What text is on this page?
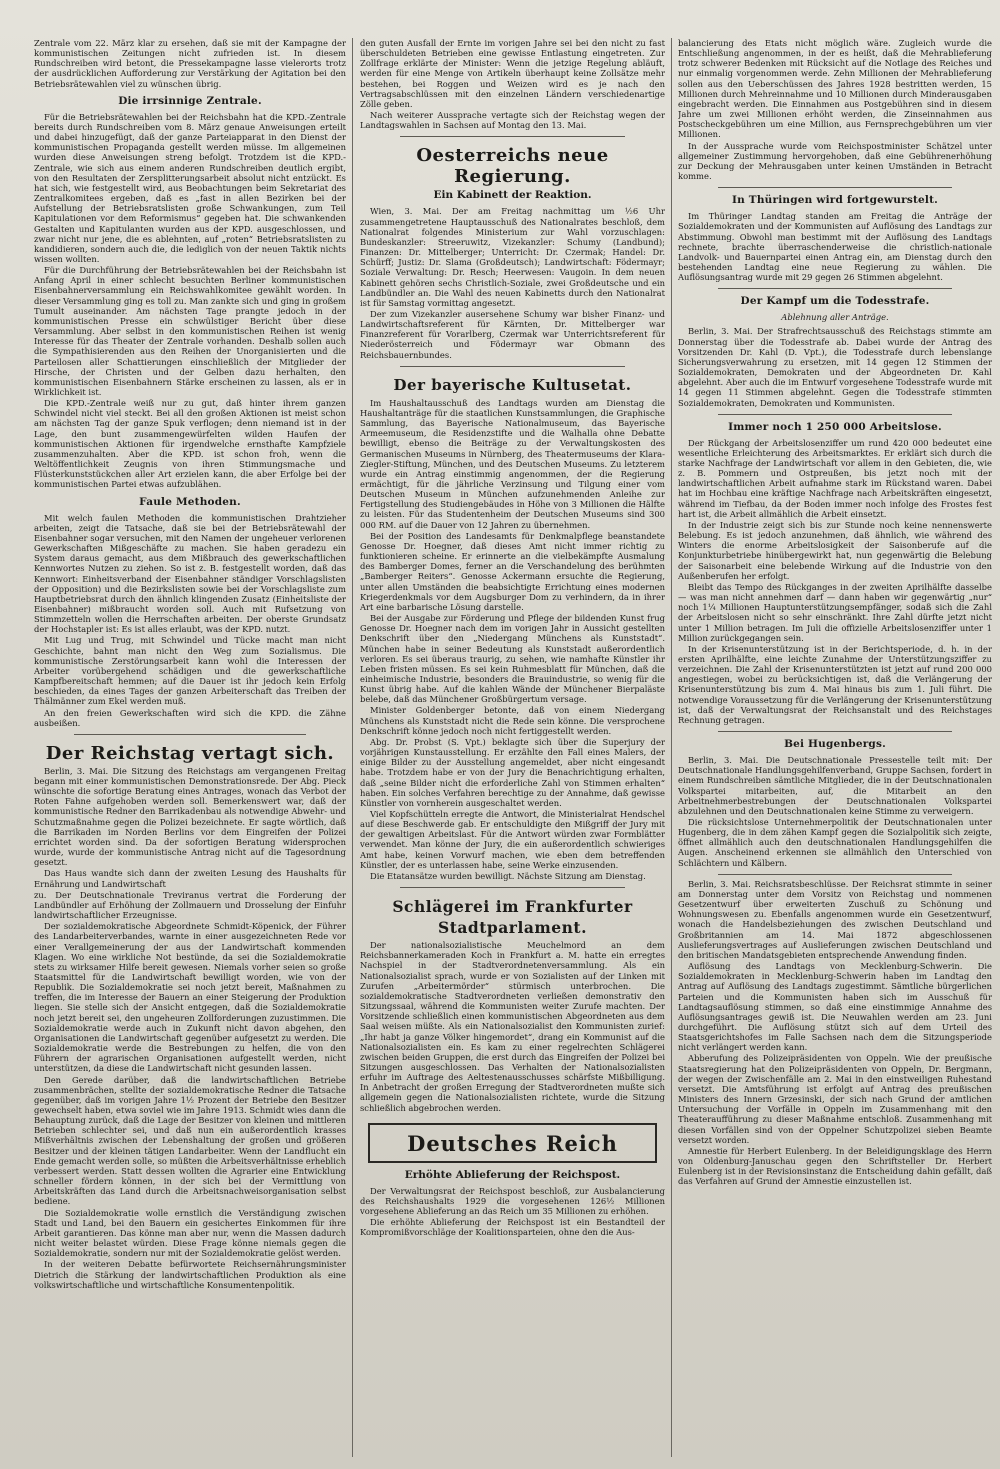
Zentrale vom 22. März klar zu ersehen, daß sie mit der Kampagne der kommunistischen Zeitungen nicht zufrieden ist. In diesem Rundschreiben wird betont, die Pressekampagne lasse vielerorts trotz der ausdrücklichen Aufforderung zur Verstärkung der Agitation bei den Betriebsrätewahlen viel zu wünschen übrig.

Die irrsinnige Zentrale.

Für die Betriebsrätewahlen bei der Reichsbahn hat die KPD.-Zentrale bereits durch Rundschreiben vom 8. März genaue Anweisungen erteilt und dabei hinzugefügt, daß der ganze Parteiapparat in den Dienst der kommunistischen Propaganda gestellt werden müsse. Im allgemeinen wurden diese Anweisungen streng befolgt. Trotzdem ist die KPD.-Zentrale, wie sich aus einem anderen Rundschreiben deutlich ergibt, von den Resultaten der Zersplitterungsarbeit absolut nicht entzückt. Es hat sich, wie festgestellt wird, aus Beobachtungen beim Sekretariat des Zentralkomitees ergeben, daß es „fast in allen Bezirken bei der Aufstellung der Betriebsratslisten große Schwankungen, zum Teil Kapitulationen vor dem Reformismus“ gegeben hat. Die schwankenden Gestalten und Kapitulanten wurden aus der KPD. ausgeschlossen, und zwar nicht nur jene, die es ablehnten, auf „roten“ Betriebsratslisten zu kandidieren, sondern auch die, die lediglich von der neuen Taktik nichts wissen wollten.

Für die Durchführung der Betriebsrätewahlen bei der Reichsbahn ist Anfang April in einer schlecht besuchten Berliner kommunistischen Eisenbahnerversammlung ein Reichswahlkomitee gewählt worden. In dieser Versammlung ging es toll zu. Man zankte sich und ging in großem Tumult auseinander. Am nächsten Tage prangte jedoch in der kommunistischen Presse ein schwülstiger Bericht über diese Versammlung. Aber selbst in den kommunistischen Reihen ist wenig Interesse für das Theater der Zentrale vorhanden. Deshalb sollen auch die Sympathisierenden aus den Reihen der Unorganisierten und die Parteilosen aller Schattierungen einschließlich der Mitglieder der Hirsche, der Christen und der Gelben dazu herhalten, den kommunistischen Eisenbahnern Stärke erscheinen zu lassen, als er in Wirklichkeit ist.

Die KPD.-Zentrale weiß nur zu gut, daß hinter ihrem ganzen Schwindel nicht viel steckt. Bei all den großen Aktionen ist meist schon am nächsten Tag der ganze Spuk verflogen; denn niemand ist in der Lage, den bunt zusammengewürfelten wilden Haufen der kommunistischen Aktionen für irgendwelche ernsthafte Kampfziele zusammenzuhalten. Aber die KPD. ist schon froh, wenn die Weltöffentlichkeit Zeugnis von ihren Stimmungsmache und Flüsterkunststückchen aller Art erzielen kann, die aber Erfolge bei der kommunistischen Partei etwas aufzublähen.

Faule Methoden.

Mit welch faulen Methoden die kommunistischen Drahtzieher arbeiten, zeigt die Tatsache, daß sie bei der Betriebsrätewahl der Eisenbahner sogar versuchen, mit den Namen der ungeheuer verlorenen Gewerkschaften Mißgeschäfte zu machen. Sie haben geradezu ein System daraus gemacht, aus dem Mißbrauch des gewerkschaftlichen Kennwortes Nutzen zu ziehen. So ist z. B. festgestellt worden, daß das Kennwort: Einheitsverband der Eisenbahner ständiger Vorschlagslisten der Opposition) und die Bezirkslisten sowie bei der Vorschlagsliste zum Hauptbetriebsrat durch den ähnlich klingenden Zusatz (Einheitsliste der Eisenbahner) mißbraucht worden soll. Auch mit Rufsetzung von Stimmzetteln wollen die Herrschaften arbeiten. Der oberste Grundsatz der Hochstapler ist: Es ist alles erlaubt, was der KPD. nutzt.

Mit Lug und Trug, mit Schwindel und Tücke macht man nicht Geschichte, bahnt man nicht den Weg zum Sozialismus. Die kommunistische Zerstörungsarbeit kann wohl die Interessen der Arbeiter vorübergehend schädigen und die gewerkschaftliche Kampfbereitschaft hemmen; auf die Dauer ist ihr jedoch kein Erfolg beschieden, da eines Tages der ganzen Arbeiterschaft das Treiben der Thälmänner zum Ekel werden muß.

An den freien Gewerkschaften wird sich die KPD. die Zähne ausbeißen.

Der Reichstag vertagt sich.

Berlin, 3. Mai. Die Sitzung des Reichstags am vergangenen Freitag begann mit einer kommunistischen Demonstrationsrede. Der Abg. Pieck wünschte die sofortige Beratung eines Antrages, wonach das Verbot der Roten Fahne aufgehoben werden soll. Bemerkenswert war, daß der kommunistische Redner den Barrikadenbau als notwendige Abwehr- und Schutzmaßnahme gegen die Polizei bezeichnete. Er sagte wörtlich, daß die Barrikaden im Norden Berlins vor dem Eingreifen der Polizei errichtet worden sind. Da der sofortigen Beratung widersprochen wurde, wurde der kommunistische Antrag nicht auf die Tagesordnung gesetzt.

Das Haus wandte sich dann der zweiten Lesung des Haushalts für Ernährung und Landwirtschaft

zu. Der Deutschnationale Treviranus vertrat die Forderung der Landbündler auf Erhöhung der Zollmauern und Drosselung der Einfuhr landwirtschaftlicher Erzeugnisse.

Der sozialdemokratische Abgeordnete Schmidt-Köpenick, der Führer des Landarbeiterverbandes, warnte in einer ausgezeichneten Rede vor einer Verallgemeinerung der aus der Landwirtschaft kommenden Klagen. Wo eine wirkliche Not bestünde, da sei die Sozialdemokratie stets zu wirksamer Hilfe bereit gewesen. Niemals vorher seien so große Staatsmittel für die Landwirtschaft bewilligt worden, wie von der Republik. Die Sozialdemokratie sei noch jetzt bereit, Maßnahmen zu treffen, die im Interesse der Bauern an einer Steigerung der Produktion liegen. Sie stelle sich der Ansicht entgegen, daß die Sozialdemokratie noch jetzt bereit sei, den ungeheuren Zollforderungen zuzustimmen. Die Sozialdemokratie werde auch in Zukunft nicht davon abgehen, den Organisationen die Landwirtschaft gegenüber aufgesetzt zu werden. Die Sozialdemokratie werde die Bestrebungen zu helfen, die von den Führern der agrarischen Organisationen aufgestellt werden, nicht unterstützen, da diese die Landwirtschaft nicht gesunden lassen.

Den Gerede darüber, daß die landwirtschaftlichen Betriebe zusammenbrächen, stellte der sozialdemokratische Redner die Tatsache gegenüber, daß im vorigen Jahre 1½ Prozent der Betriebe den Besitzer gewechselt haben, etwa soviel wie im Jahre 1913. Schmidt wies dann die Behauptung zurück, daß die Lage der Besitzer von kleinen und mittleren Betrieben schlechter sei, und daß nun ein außerordentlich krasses Mißverhältnis zwischen der Lebenshaltung der großen und größeren Besitzer und der kleinen tätigen Landarbeiter. Wenn der Landflucht ein Ende gemacht werden solle, so müßten die Arbeitsverhältnisse erheblich verbessert werden. Statt dessen wollten die Agrarier eine Entwicklung schneller fördern können, in der sich bei der Vermittlung von Arbeitskräften das Land durch die Arbeitsnachweisorganisation selbst bediene.

Die Sozialdemokratie wolle ernstlich die Verständigung zwischen Stadt und Land, bei den Bauern ein gesichertes Einkommen für ihre Arbeit garantieren. Das könne man aber nur, wenn die Massen dadurch nicht weiter belastet würden. Diese Frage könne niemals gegen die Sozialdemokratie, sondern nur mit der Sozialdemokratie gelöst werden.

In der weiteren Debatte befürwortete Reichsernährungsminister Dietrich die Stärkung der landwirtschaftlichen Produktion als eine volkswirtschaftliche und wirtschaftliche Konsumentenpolitik.

den guten Ausfall der Ernte im vorigen Jahre sei bei den nicht zu fast überschuldeten Betrieben eine gewisse Entlastung eingetreten. Zur Zollfrage erklärte der Minister: Wenn die jetzige Regelung abläuft, werden für eine Menge von Artikeln überhaupt keine Zollsätze mehr bestehen, bei Roggen und Weizen wird es je nach den Vertragsabschlüssen mit den einzelnen Ländern verschiedenartige Zölle geben.

Nach weiterer Aussprache vertagte sich der Reichstag wegen der Landtagswahlen in Sachsen auf Montag den 13. Mai.

Oesterreichs neue Regierung.
Ein Kabinett der Reaktion.

Wien, 3. Mai. Der am Freitag nachmittag um ½6 Uhr zusammengetretene Hauptausschuß des Nationalrates beschloß, dem Nationalrat folgendes Ministerium zur Wahl vorzuschlagen: Bundeskanzler: Streeruwitz, Vizekanzler: Schumy (Landbund); Finanzen: Dr. Mittelberger; Unterricht: Dr. Czermak; Handel: Dr. Schürff; Justiz: Dr. Slama (Großdeutsch); Landwirtschaft: Födermayr; Soziale Verwaltung: Dr. Resch; Heerwesen: Vaugoin. In dem neuen Kabinett gehören sechs Christlich-Soziale, zwei Großdeutsche und ein Landbündler an. Die Wahl des neuen Kabinetts durch den Nationalrat ist für Samstag vormittag angesetzt.

Der zum Vizekanzler ausersehene Schumy war bisher Finanz- und Landwirtschaftsreferent für Kärnten, Dr. Mittelberger war Finanzreferent für Vorarlberg, Czermak war Unterrichtsreferent für Niederösterreich und Födermayr war Obmann des Reichsbauernbundes.

Der bayerische Kultusetat.

Im Haushaltausschuß des Landtags wurden am Dienstag die Haushaltanträge für die staatlichen Kunstsammlungen, die Graphische Sammlung, das Bayerische Nationalmuseum, das Bayerische Armeemuseum, die Residenzstifte und die Walhalla ohne Debatte bewilligt, ebenso die Beiträge zu der Verwaltungskosten des Germanischen Museums in Nürnberg, des Theatermuseums der Klara-Ziegler-Stiftung, München, und des Deutschen Museums. Zu letzterem wurde ein Antrag einstimmig angenommen, der die Regierung ermächtigt, für die jährliche Verzinsung und Tilgung einer vom Deutschen Museum in München aufzunehmenden Anleihe zur Fertigstellung des Studiengebäudes in Höhe von 3 Millionen die Hälfte zu leisten. Für das Studentenheim der Deutschen Museums sind 300 000 RM. auf die Dauer von 12 Jahren zu übernehmen.

Bei der Position des Landesamts für Denkmalpflege beanstandete Genosse Dr. Hoegner, daß dieses Amt nicht immer richtig zu funktionieren scheine. Er erinnerte an die vielbekämpfte Ausmalung des Bamberger Domes, ferner an die Verschandelung des berühmten „Bamberger Reiters“. Genosse Ackermann ersuchte die Regierung, unter allen Umständen die beabsichtigte Errichtung eines modernen Kriegerdenkmals vor dem Augsburger Dom zu verhindern, da in ihrer Art eine barbarische Lösung darstelle.

Bei der Ausgabe zur Förderung und Pflege der bildenden Kunst frug Genosse Dr. Hoegner nach dem im vorigen Jahr in Aussicht gestellten Denkschrift über den „Niedergang Münchens als Kunststadt“. München habe in seiner Bedeutung als Kunststadt außerordentlich verloren. Es sei überaus traurig, zu sehen, wie namhafte Künstler ihr Leben fristen müssen. Es sei kein Ruhmesblatt für München, daß die einheimische Industrie, besonders die Brauindustrie, so wenig für die Kunst übrig habe. Auf die kahlen Wände der Münchener Bierpaläste belebe, daß das Münchener Großbürgertum versage.

Minister Goldenberger betonte, daß von einem Niedergang Münchens als Kunststadt nicht die Rede sein könne. Die versprochene Denkschrift könne jedoch noch nicht fertiggestellt werden.

Abg. Dr. Probst (S. Vpt.) beklagte sich über die Superjury der vorjährigen Kunstausstellung. Er erzählte den Fall eines Malers, der einige Bilder zu der Ausstellung angemeldet, aber nicht eingesandt habe. Trotzdem habe er von der Jury die Benachrichtigung erhalten, daß „seine Bilder nicht die erforderliche Zahl von Stimmen erhalten“ haben. Ein solches Verfahren berechtige zu der Annahme, daß gewisse Künstler von vornherein ausgeschaltet werden.

Viel Kopfschütteln erregte die Antwort, die Ministerialrat Hendschel auf diese Beschwerde gab. Er entschuldigte den Mißgriff der Jury mit der gewaltigen Arbeitslast. Für die Antwort würden zwar Formblätter verwendet. Man könne der Jury, die ein außerordentlich schwieriges Amt habe, keinen Vorwurf machen, wie eben dem betreffenden Künstler, der es unterlassen habe, seine Werke einzusenden.

Die Etatansätze wurden bewilligt. Nächste Sitzung am Dienstag.

Schlägerei im Frankfurter Stadtparlament.

Der nationalsozialistische Meuchelmord an dem Reichsbannerkameraden Koch in Frankfurt a. M. hatte ein erregtes Nachspiel in der Stadtverordnetenversammlung. Als ein Nationalsozialist sprach, wurde er von Sozialisten auf der Linken mit Zurufen „Arbeitermörder“ stürmisch unterbrochen. Die sozialdemokratische Stadtverordneten verließen demonstrativ den Sitzungssaal, während die Kommunisten weiter Zurufe machten. Der Vorsitzende schließlich einen kommunistischen Abgeordneten aus dem Saal weisen müßte. Als ein Nationalsozialist den Kommunisten zurief: „Ihr habt ja ganze Völker hingemordet“, drang ein Kommunist auf die Nationalsozialisten ein. Es kam zu einer regelrechten Schlägerei zwischen beiden Gruppen, die erst durch das Eingreifen der Polizei bei Sitzungen ausgeschlossen. Das Verhalten der Nationalsozialisten erfuhr im Auftrage des Aeltestenausschusses schärfste Mißbilligung. In Anbetracht der großen Erregung der Stadtverordneten mußte sich allgemein gegen die Nationalsozialisten richtete, wurde die Sitzung schließlich abgebrochen werden.

Deutsches Reich
Erhöhte Ablieferung der Reichspost.

Der Verwaltungsrat der Reichspost beschloß, zur Ausbalancierung des Reichshaushalts 1929 die vorgesehenen 126½ Millionen vorgesehene Ablieferung an das Reich um 35 Millionen zu erhöhen.

Die erhöhte Ablieferung der Reichspost ist ein Bestandteil der Kompromißvorschläge der Koalitionsparteien, ohne den die Aus-

balancierung des Etats nicht möglich wäre. Zugleich wurde die Entschließung angenommen, in der es heißt, daß die Mehrablieferung trotz schwerer Bedenken mit Rücksicht auf die Notlage des Reiches und nur einmalig vorgenommen werde. Zehn Millionen der Mehrablieferung sollen aus den Ueberschüssen des Jahres 1928 bestritten werden, 15 Millionen durch Mehreinnahme und 10 Millionen durch Minderausgaben eingebracht werden. Die Einnahmen aus Postgebühren sind in diesem Jahre um zwei Millionen erhöht werden, die Zinseinnahmen aus Postscheckgebühren um eine Million, aus Fernsprechgebühren um vier Millionen.

In der Aussprache wurde vom Reichspostminister Schätzel unter allgemeiner Zustimmung hervorgehoben, daß eine Gebührenerhöhung zur Deckung der Mehrausgaben unter keinen Umständen in Betracht komme.

In Thüringen wird fortgewurstelt.

Im Thüringer Landtag standen am Freitag die Anträge der Sozialdemokraten und der Kommunisten auf Auflösung des Landtags zur Abstimmung. Obwohl man bestimmt mit der Auflösung des Landtags rechnete, brachte überraschenderweise die christlich-nationale Landvolk- und Bauernpartei einen Antrag ein, am Dienstag durch den bestehenden Landtag eine neue Regierung zu wählen. Die Auflösungsantrag wurde mit 29 gegen 26 Stimmen abgelehnt.

Der Kampf um die Todesstrafe.
Ablehnung aller Anträge.

Berlin, 3. Mai. Der Strafrechtsausschuß des Reichstags stimmte am Donnerstag über die Todesstrafe ab. Dabei wurde der Antrag des Vorsitzenden Dr. Kahl (D. Vpt.), die Todesstrafe durch lebenslange Sicherungsverwahrung zu ersetzen, mit 14 gegen 12 Stimmen der Sozialdemokraten, Demokraten und der Abgeordneten Dr. Kahl abgelehnt. Aber auch die im Entwurf vorgesehene Todesstrafe wurde mit 14 gegen 11 Stimmen abgelehnt. Gegen die Todesstrafe stimmten Sozialdemokraten, Demokraten und Kommunisten.

Immer noch 1 250 000 Arbeitslose.

Der Rückgang der Arbeitslosenziffer um rund 420 000 bedeutet eine wesentliche Erleichterung des Arbeitsmarktes. Er erklärt sich durch die starke Nachfrage der Landwirtschaft vor allem in den Gebieten, die, wie z. B. Pommern und Ostpreußen, bis jetzt noch mit der landwirtschaftlichen Arbeit aufnahme stark im Rückstand waren. Dabei hat im Hochbau eine kräftige Nachfrage nach Arbeitskräften eingesetzt, während im Tiefbau, da der Boden immer noch infolge des Frostes fest hart ist, die Arbeit allmählich die Arbeit einsetzt.

In der Industrie zeigt sich bis zur Stunde noch keine nennenswerte Belebung. Es ist jedoch anzunehmen, daß ähnlich, wie während des Winters die enorme Arbeitslosigkeit der Saisonberufe auf die Konjunkturbetriebe hinübergewirkt hat, nun gegenwärtig die Belebung der Saisonarbeit eine belebende Wirkung auf die Industrie von den Außenberufen her erfolgt.

Bleibt das Tempo des Rückganges in der zweiten Aprilhälfte dasselbe — was man nicht annehmen darf — dann haben wir gegenwärtig „nur“ noch 1¼ Millionen Hauptunterstützungsempfänger, sodaß sich die Zahl der Arbeitslosen nicht so sehr einschränkt. Ihre Zahl dürfte jetzt nicht unter 1 Million betragen. Im Juli die offizielle Arbeitslosenziffer unter 1 Million zurückgegangen sein.

In der Krisenunterstützung ist in der Berichtsperiode, d. h. in der ersten Aprilhälfte, eine leichte Zunahme der Unterstützungsziffer zu verzeichnen. Die Zahl der Krisenunterstützten ist jetzt auf rund 200 000 angestiegen, wobei zu berücksichtigen ist, daß die Verlängerung der Krisenunterstützung bis zum 4. Mai hinaus bis zum 1. Juli führt. Die notwendige Voraussetzung für die Verlängerung der Krisenunterstützung ist, daß der Verwaltungsrat der Reichsanstalt und des Reichstages Rechnung getragen.

Bei Hugenbergs.

Berlin, 3. Mai. Die Deutschnationale Pressestelle teilt mit: Der Deutschnationale Handlungsgehilfenverband, Gruppe Sachsen, fordert in einem Rundschreiben sämtliche Mitglieder, die in der Deutschnationalen Volkspartei mitarbeiten, auf, die Mitarbeit an den Arbeitnehmerbestrebungen der Deutschnationalen Volkspartei abzulehnen und den Deutschnationalen keine Stimme zu verweigern.

Die rücksichtslose Unternehmerpolitik der Deutschnationalen unter Hugenberg, die in dem zähen Kampf gegen die Sozialpolitik sich zeigte, öffnet allmählich auch den deutschnationalen Handlungsgehilfen die Augen. Anscheinend erkennen sie allmählich den Unterschied von Schlächtern und Kälbern.

Berlin, 3. Mai. Reichsratsbeschlüsse. Der Reichsrat stimmte in seiner am Donnerstag unter dem Vorsitz von Reichstag und nommenen Gesetzentwurf über erweiterten Zuschuß zu Schönung und Wohnungswesen zu. Ebenfalls angenommen wurde ein Gesetzentwurf, wonach die Handelsbeziehungen des zwischen Deutschland und Großbritannien am 14. Mai 1872 abgeschlossenen Auslieferungsvertrages auf Auslieferungen zwischen Deutschland und den britischen Mandatsgebieten entsprechende Anwendung finden.

Auflösung des Landtags von Mecklenburg-Schwerin. Die Sozialdemokraten in Mecklenburg-Schwerin haben im Landtag den Antrag auf Auflösung des Landtags zugestimmt. Sämtliche bürgerlichen Parteien und die Kommunisten haben sich im Ausschuß für Landtagsauflösung stimmen, so daß eine einstimmige Annahme des Auflösungsantrages gewiß ist. Die Neuwahlen werden am 23. Juni durchgeführt. Die Auflösung stützt sich auf dem Urteil des Staatsgerichtshofes im Falle Sachsen nach dem die Sitzungsperiode nicht verlängert werden kann.

Abberufung des Polizeipräsidenten von Oppeln. Wie der preußische Staatsregierung hat den Polizeipräsidenten von Oppeln, Dr. Bergmann, der wegen der Zwischenfälle am 2. Mai in den einstweiligen Ruhestand versetzt. Die Amtsführung ist erfolgt auf Antrag des preußischen Ministers des Innern Grzesinski, der sich nach Grund der amtlichen Untersuchung der Vorfälle in Oppeln im Zusammenhang mit den Theateraufführung zu dieser Maßnahme entschloß. Zusammenhang mit diesen Vorfällen sind von der Oppelner Schutzpolizei sieben Beamte versetzt worden.

Amnestie für Herbert Eulenberg. In der Beleidigungsklage des Herrn von Oldenburg-Januschau gegen den Schriftsteller Dr. Herbert Eulenberg ist in der Revisionsinstanz die Entscheidung dahin gefällt, daß das Verfahren auf Grund der Amnestie einzustellen ist.
